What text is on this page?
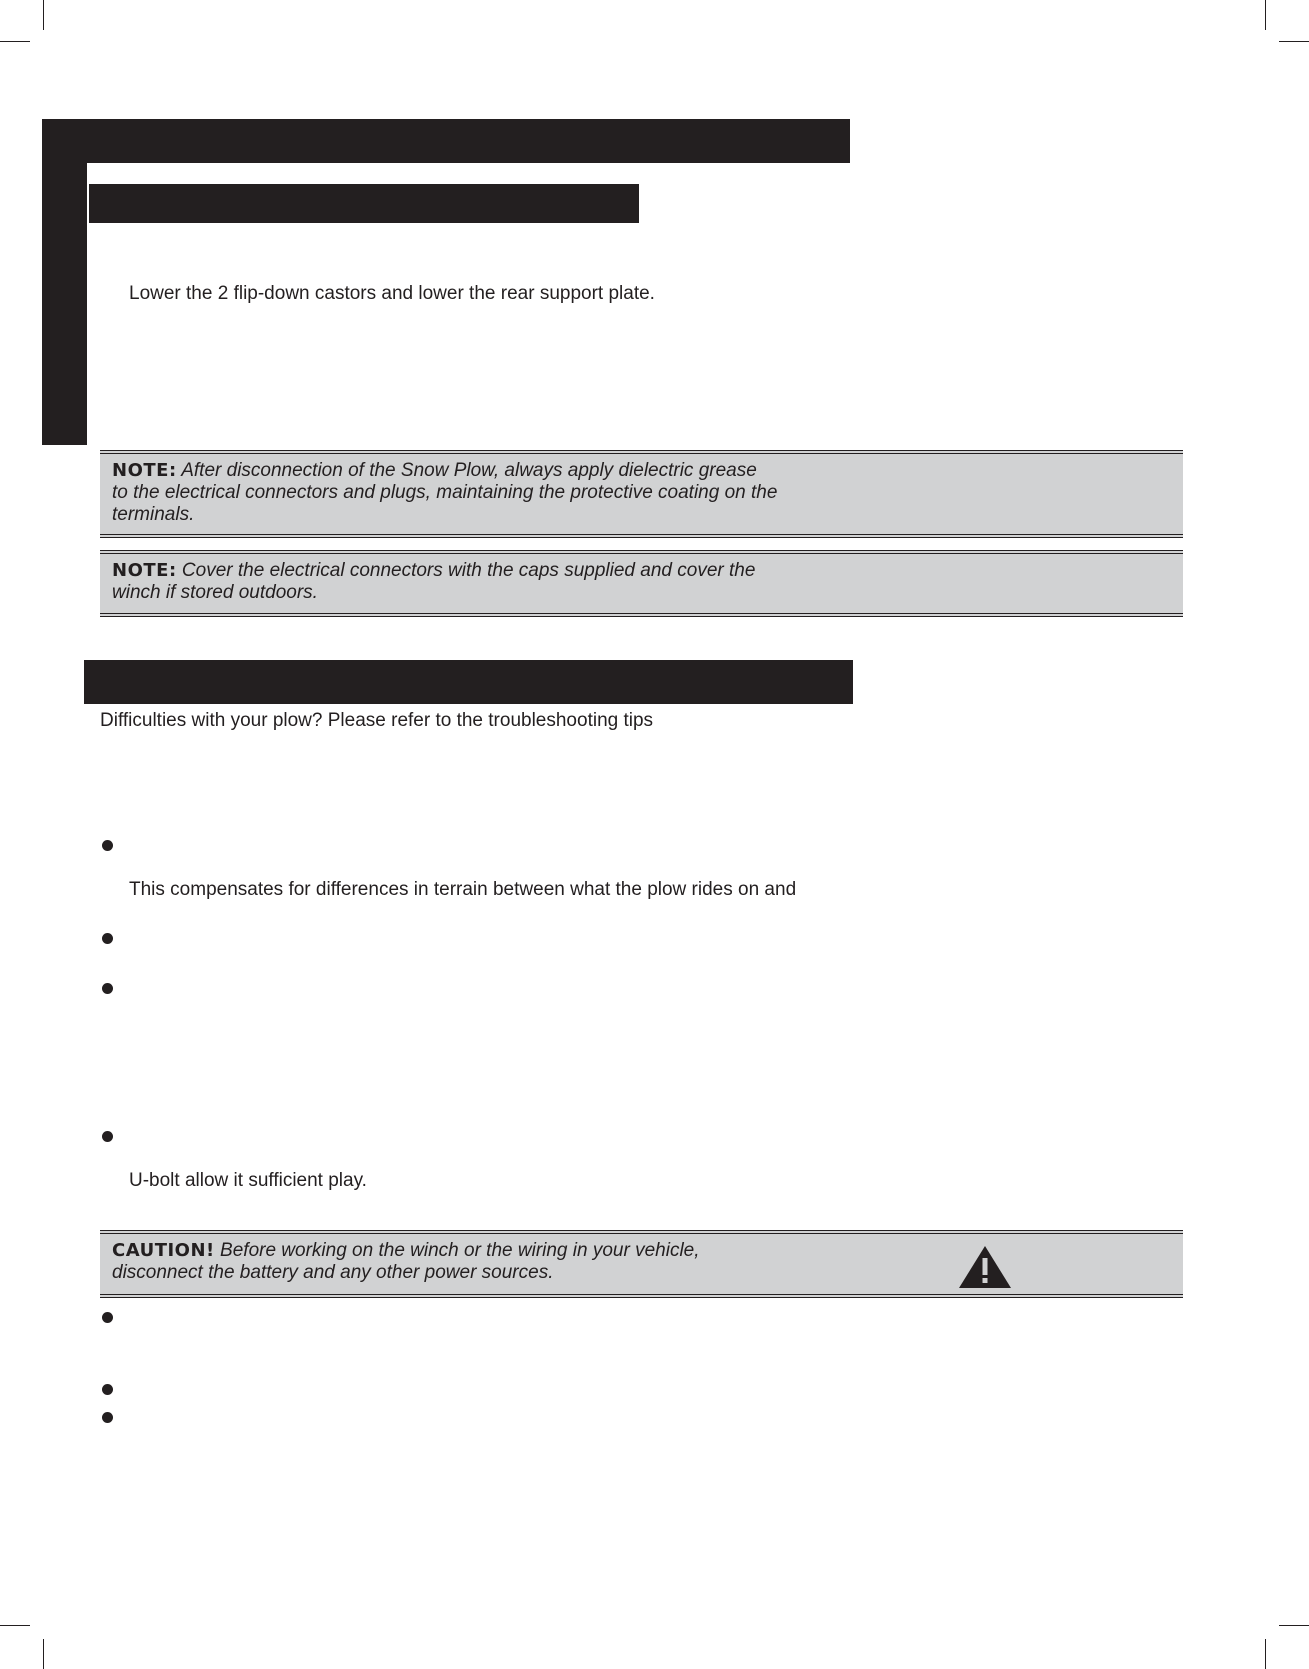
Lower the 2 flip-down castors and lower the rear support plate.
NOTE: After disconnection of the Snow Plow, always apply dielectric grease
to the electrical connectors and plugs, maintaining the protective coating on the
terminals.
NOTE: Cover the electrical connectors with the caps supplied and cover the
winch if stored outdoors.
Difficulties with your plow? Please refer to the troubleshooting tips
This compensates for differences in terrain between what the plow rides on and
U-bolt allow it sufficient play.
CAUTION! Before working on the winch or the wiring in your vehicle,
disconnect the battery and any other power sources.
